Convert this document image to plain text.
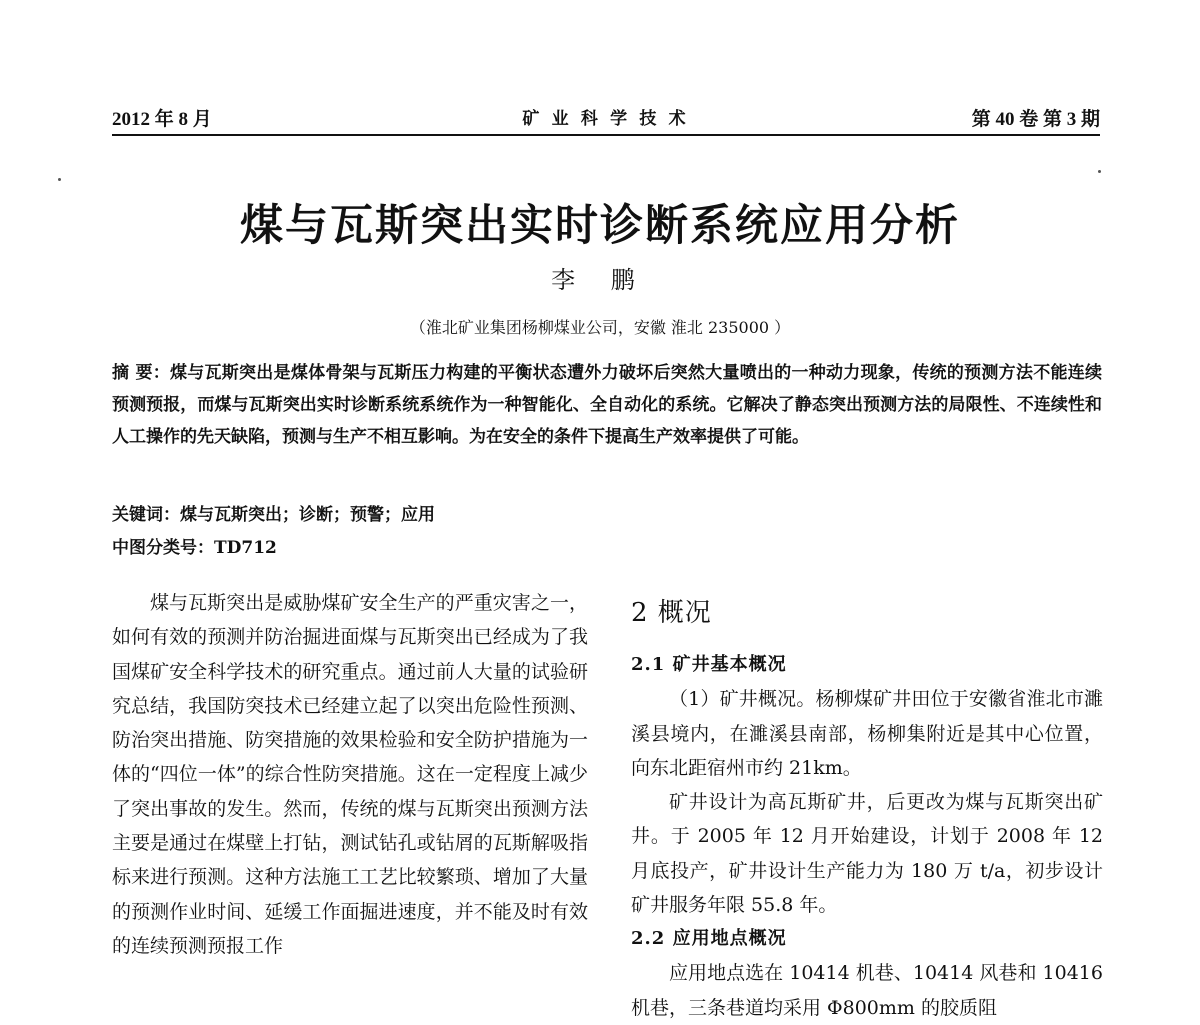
2012 年 8 月	矿 业 科 学 技 术	第 40 卷 第 3 期
煤与瓦斯突出实时诊断系统应用分析
李 鹏
（淮北矿业集团杨柳煤业公司，安徽 淮北 235000 ）
摘 要：煤与瓦斯突出是煤体骨架与瓦斯压力构建的平衡状态遭外力破坏后突然大量喷出的一种动力现象，传统的预测方法不能连续预测预报，而煤与瓦斯突出实时诊断系统系统作为一种智能化、全自动化的系统。它解决了静态突出预测方法的局限性、不连续性和人工操作的先天缺陷，预测与生产不相互影响。为在安全的条件下提高生产效率提供了可能。
关键词：煤与瓦斯突出；诊断；预警；应用
中图分类号：TD712

煤与瓦斯突出是威胁煤矿安全生产的严重灾害之一，如何有效的预测并防治掘进面煤与瓦斯突出已经成为了我国煤矿安全科学技术的研究重点。通过前人大量的试验研究总结，我国防突技术已经建立起了以突出危险性预测、防治突出措施、防突措施的效果检验和安全防护措施为一体的“四位一体”的综合性防突措施。这在一定程度上减少了突出事故的发生。然而，传统的煤与瓦斯突出预测方法主要是通过在煤壁上打钻，测试钻孔或钻屑的瓦斯解吸指标来进行预测。这种方法施工工艺比较繁琐、增加了大量的预测作业时间、延缓工作面掘进速度，并不能及时有效的连续预测预报工作

2 概况
2.1 矿井基本概况

（1）矿井概况。杨柳煤矿井田位于安徽省淮北市濉溪县境内，在濉溪县南部，杨柳集附近是其中心位置，向东北距宿州市约 21km。

矿井设计为高瓦斯矿井，后更改为煤与瓦斯突出矿井。于 2005 年 12 月开始建设，计划于 2008 年 12 月底投产，矿井设计生产能力为 180 万 t/a，初步设计矿井服务年限 55.8 年。

2.2 应用地点概况

应用地点选在 10414 机巷、10414 风巷和 10416 机巷，三条巷道均采用 Φ800mm 的胶质阻
